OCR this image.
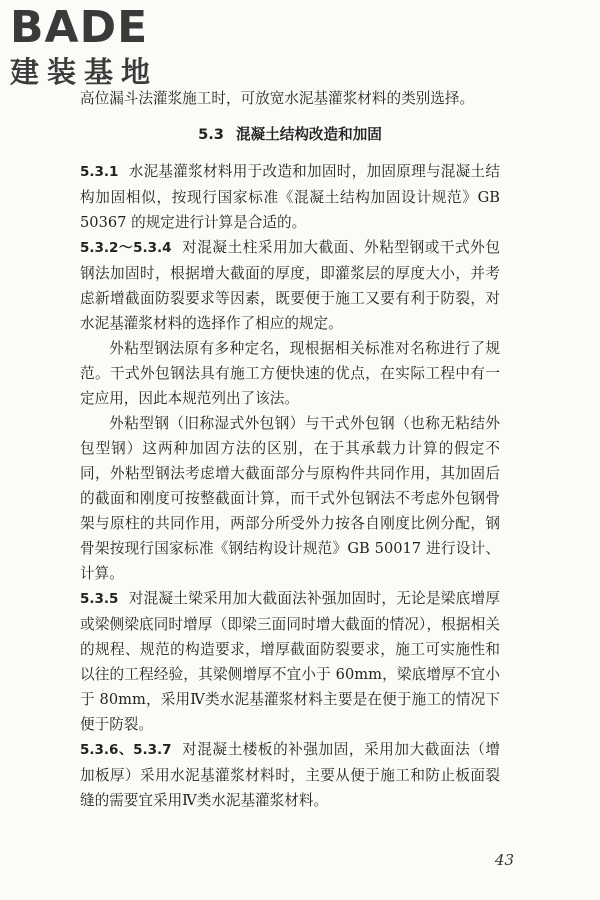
BADE
建装基地

高位漏斗法灌浆施工时，可放宽水泥基灌浆材料的类别选择。

5.3 混凝土结构改造和加固

5.3.1 水泥基灌浆材料用于改造和加固时，加固原理与混凝土结构加固相似，按现行国家标准《混凝土结构加固设计规范》GB 50367 的规定进行计算是合适的。

5.3.2～5.3.4 对混凝土柱采用加大截面、外粘型钢或干式外包钢法加固时，根据增大截面的厚度，即灌浆层的厚度大小，并考虑新增截面防裂要求等因素，既要便于施工又要有利于防裂，对水泥基灌浆材料的选择作了相应的规定。

外粘型钢法原有多种定名，现根据相关标准对名称进行了规范。干式外包钢法具有施工方便快速的优点，在实际工程中有一定应用，因此本规范列出了该法。

外粘型钢（旧称湿式外包钢）与干式外包钢（也称无粘结外包型钢）这两种加固方法的区别，在于其承载力计算的假定不同，外粘型钢法考虑增大截面部分与原构件共同作用，其加固后的截面和刚度可按整截面计算，而干式外包钢法不考虑外包钢骨架与原柱的共同作用，两部分所受外力按各自刚度比例分配，钢骨架按现行国家标准《钢结构设计规范》GB 50017 进行设计、计算。

5.3.5 对混凝土梁采用加大截面法补强加固时，无论是梁底增厚或梁侧梁底同时增厚（即梁三面同时增大截面的情况），根据相关的规程、规范的构造要求，增厚截面防裂要求，施工可实施性和以往的工程经验，其梁侧增厚不宜小于 60mm，梁底增厚不宜小于 80mm，采用Ⅳ类水泥基灌浆材料主要是在便于施工的情况下便于防裂。

5.3.6、5.3.7 对混凝土楼板的补强加固，采用加大截面法（增加板厚）采用水泥基灌浆材料时，主要从便于施工和防止板面裂缝的需要宜采用Ⅳ类水泥基灌浆材料。

43
